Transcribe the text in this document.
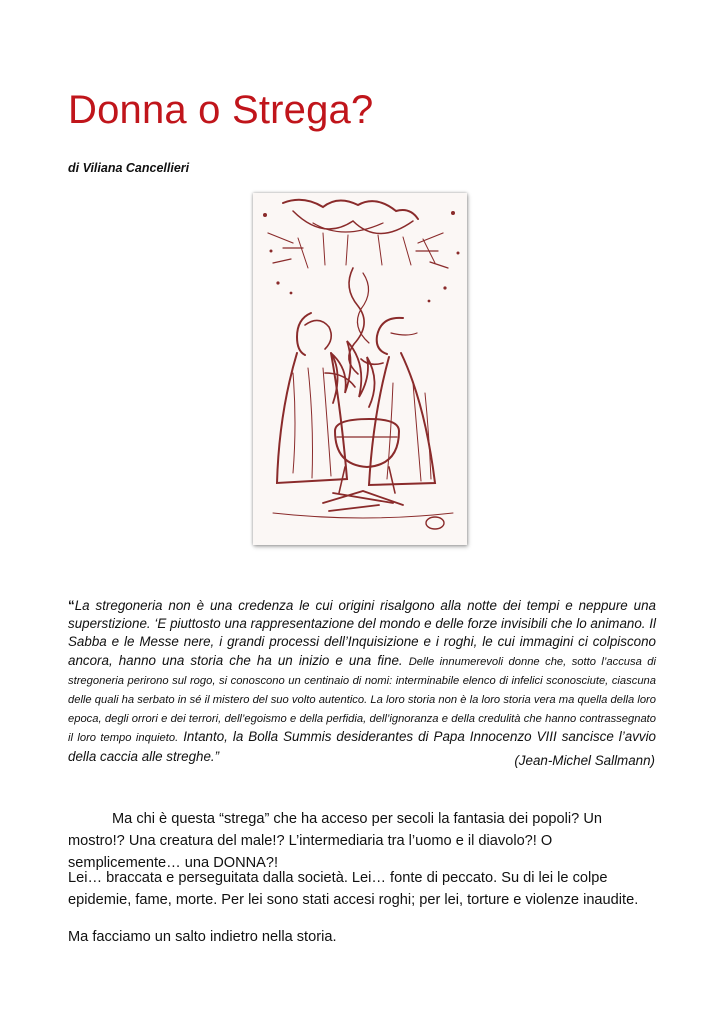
Donna o Strega?
di Viliana Cancellieri
“La stregoneria non è una credenza le cui origini risalgono alla notte dei tempi e neppure una superstizione. ‘E piuttosto una rappresentazione del mondo e delle forze invisibili che lo animano. Il Sabba e le Messe nere, i grandi processi dell’Inquisizione e i roghi, le cui immagini ci colpiscono ancora, hanno una storia che ha un inizio e una fine. Delle innumerevoli donne che, sotto l’accusa di stregoneria perirono sul rogo, si conoscono un centinaio di nomi: interminabile elenco di infelici sconosciute, ciascuna delle quali ha serbato in sé il mistero del suo volto autentico. La loro storia non è la loro storia vera ma quella della loro epoca, degli orrori e dei terrori, dell’egoismo e della perfidia, dell’ignoranza e della credulità che hanno contrassegnato il loro tempo inquieto. Intanto, la Bolla Summis desiderantes di Papa Innocenzo VIII sancisce l’avvio della caccia alle streghe.”	(Jean-Michel Sallmann)

Ma chi è questa “strega” che ha acceso per secoli la fantasia dei popoli? Un mostro!? Una creatura del male!? L’intermediaria tra l’uomo e il diavolo?! O semplicemente… una DONNA?!

Lei… braccata e perseguitata dalla società. Lei… fonte di peccato. Su di lei le colpe epidemie, fame, morte. Per lei sono stati accesi roghi; per lei, torture e violenze inaudite.

Ma facciamo un salto indietro nella storia.
